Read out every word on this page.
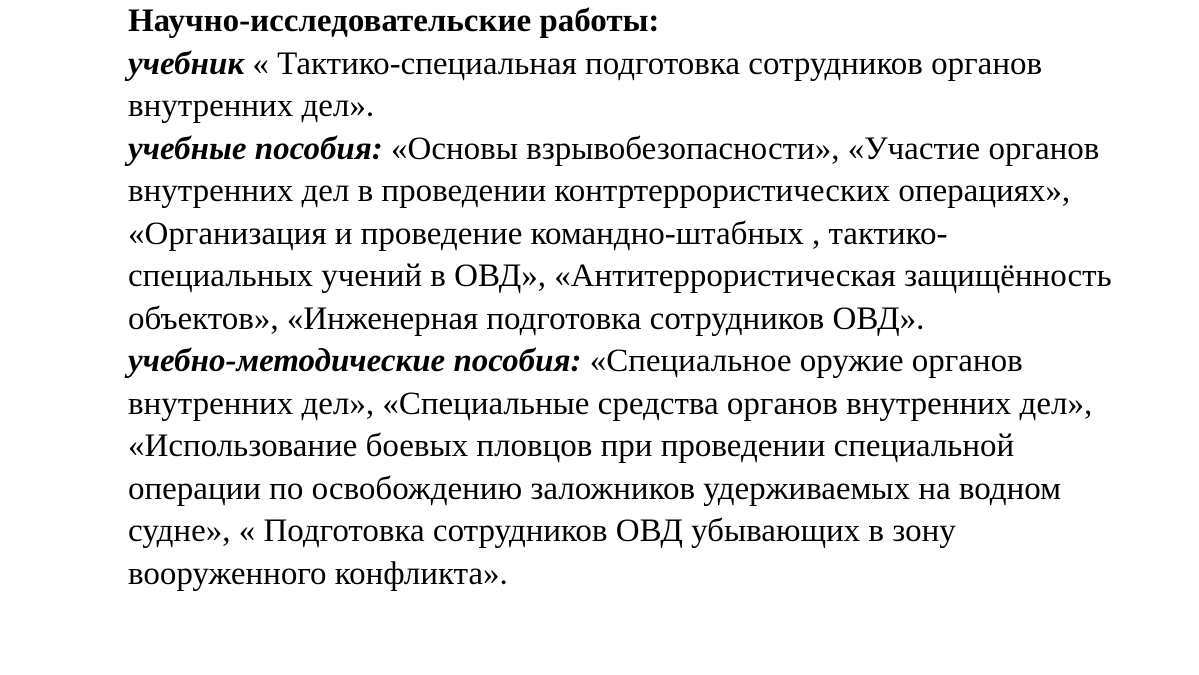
Научно-исследовательские работы:

учебник « Тактико-специальная подготовка сотрудников органов внутренних дел».

учебные пособия: «Основы взрывобезопасности», «Участие органов внутренних дел в проведении контртеррористических операциях», «Организация и проведение командно-штабных , тактико-специальных учений в ОВД», «Антитеррористическая защищённость объектов», «Инженерная подготовка сотрудников ОВД».

учебно-методические пособия: «Специальное оружие органов внутренних дел», «Специальные средства органов внутренних дел», «Использование боевых пловцов при проведении специальной операции по освобождению заложников удерживаемых на водном судне», « Подготовка сотрудников ОВД убывающих в зону вооруженного конфликта».
